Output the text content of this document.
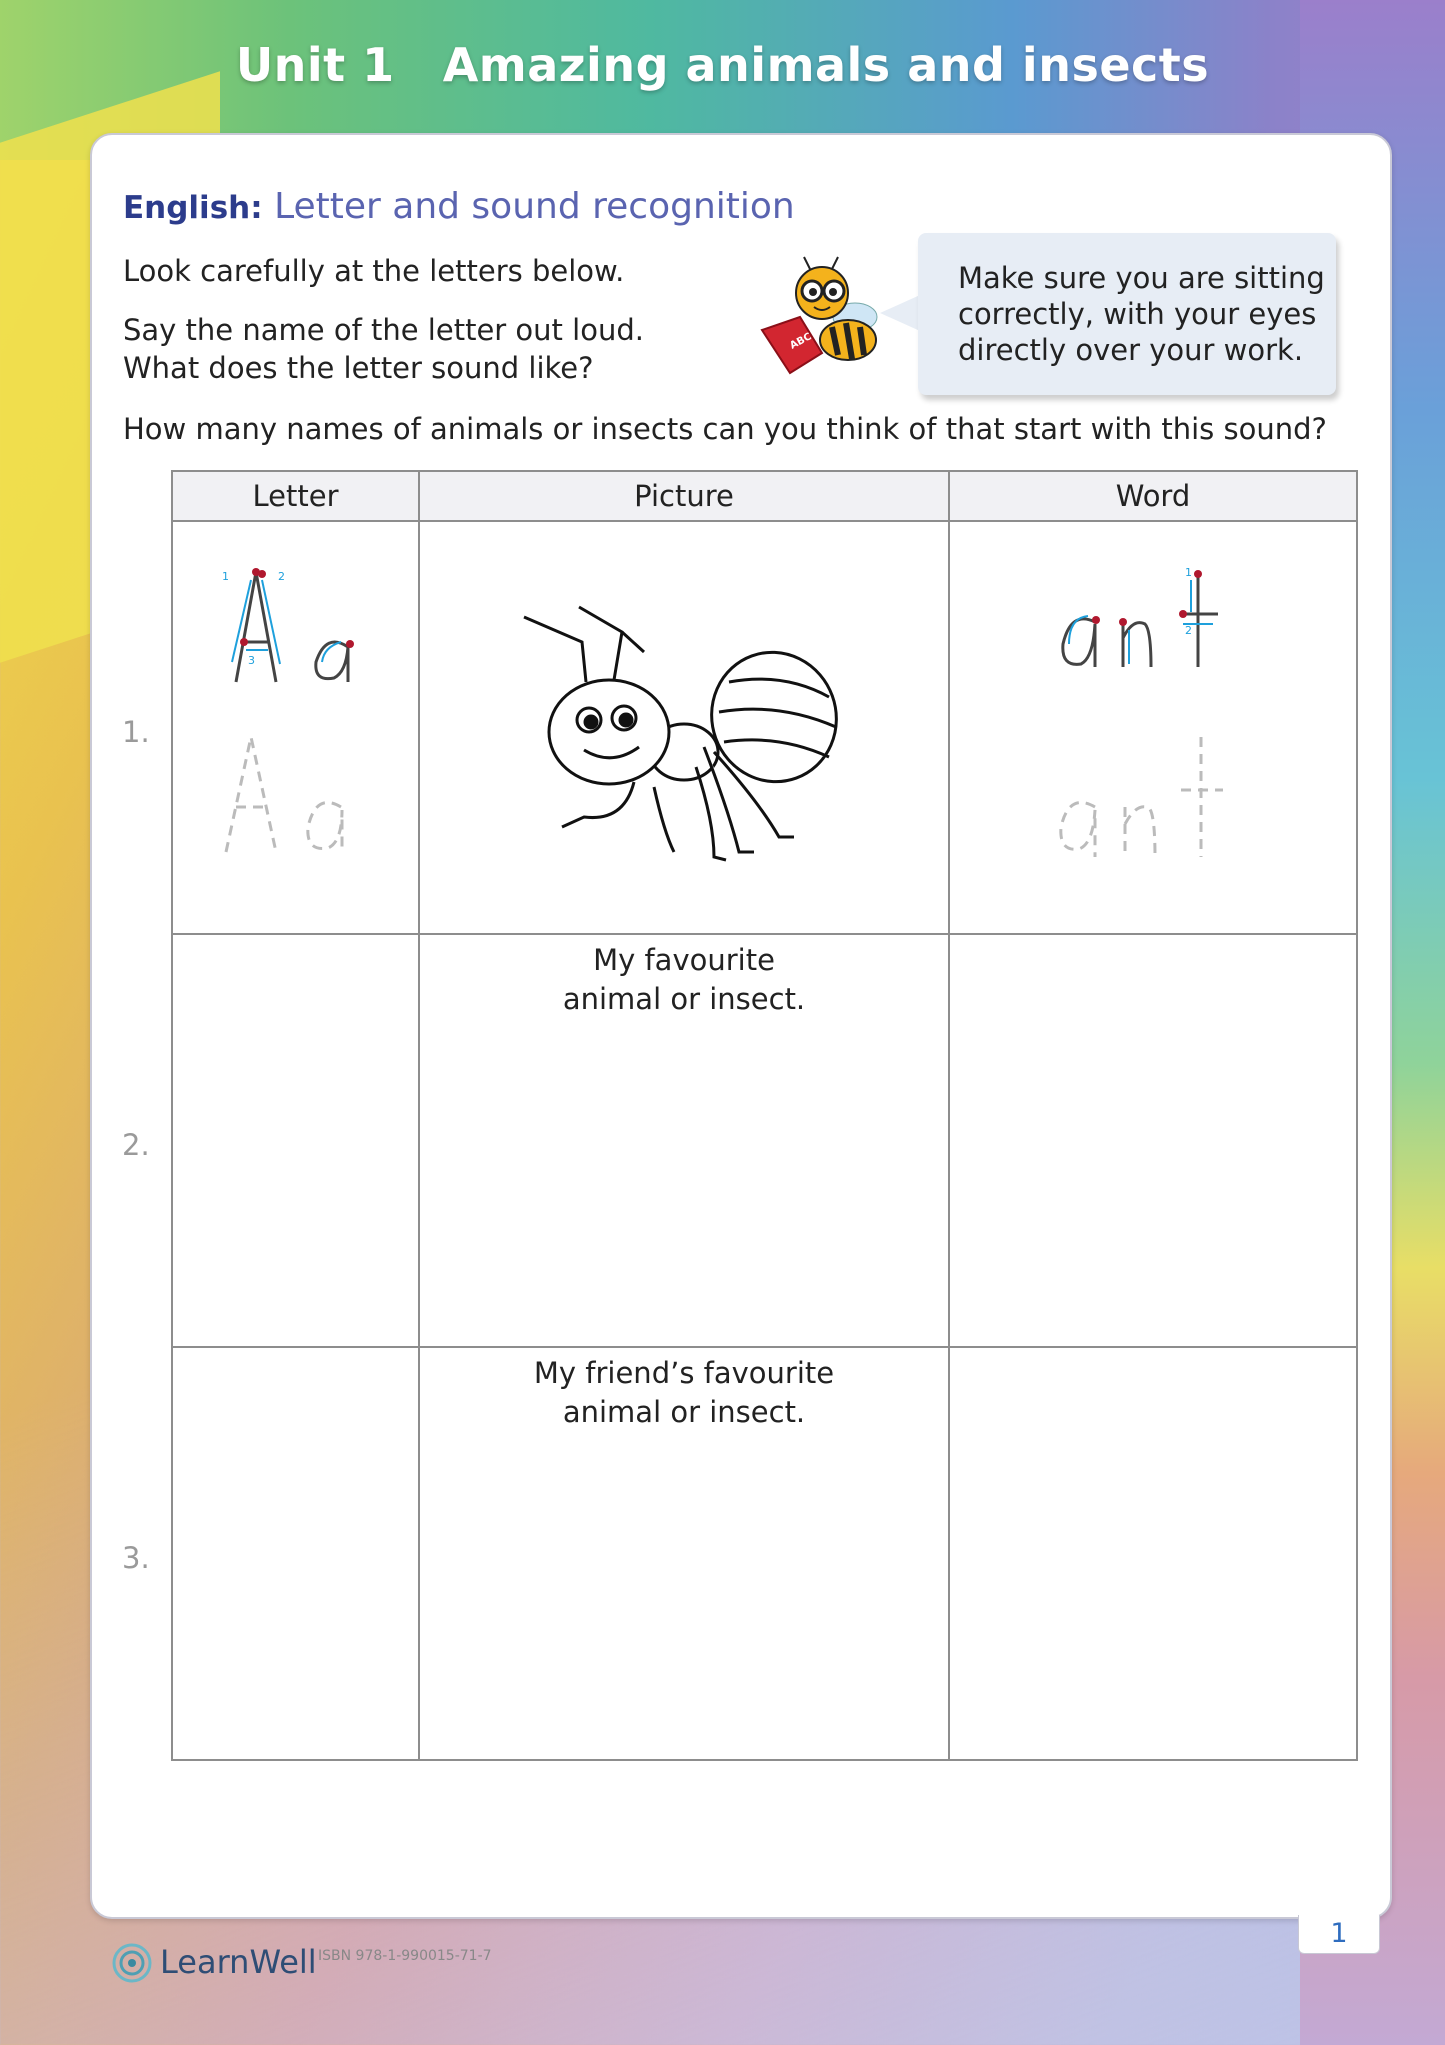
Unit 1 Amazing animals and insects
English: Letter and sound recognition
Look carefully at the letters below.
Say the name of the letter out loud.
What does the letter sound like?
How many names of animals or insects can you think of that start with this sound?
ABC
Make sure you are sitting
correctly, with your eyes
directly over your work.
Letter	Picture	Word

1 2
3		1
2

	My favourite
animal or insect.	

	My friend’s favourite
animal or insect.	

1.
2.
3.
1
LearnWell ISBN 978-1-990015-71-7
